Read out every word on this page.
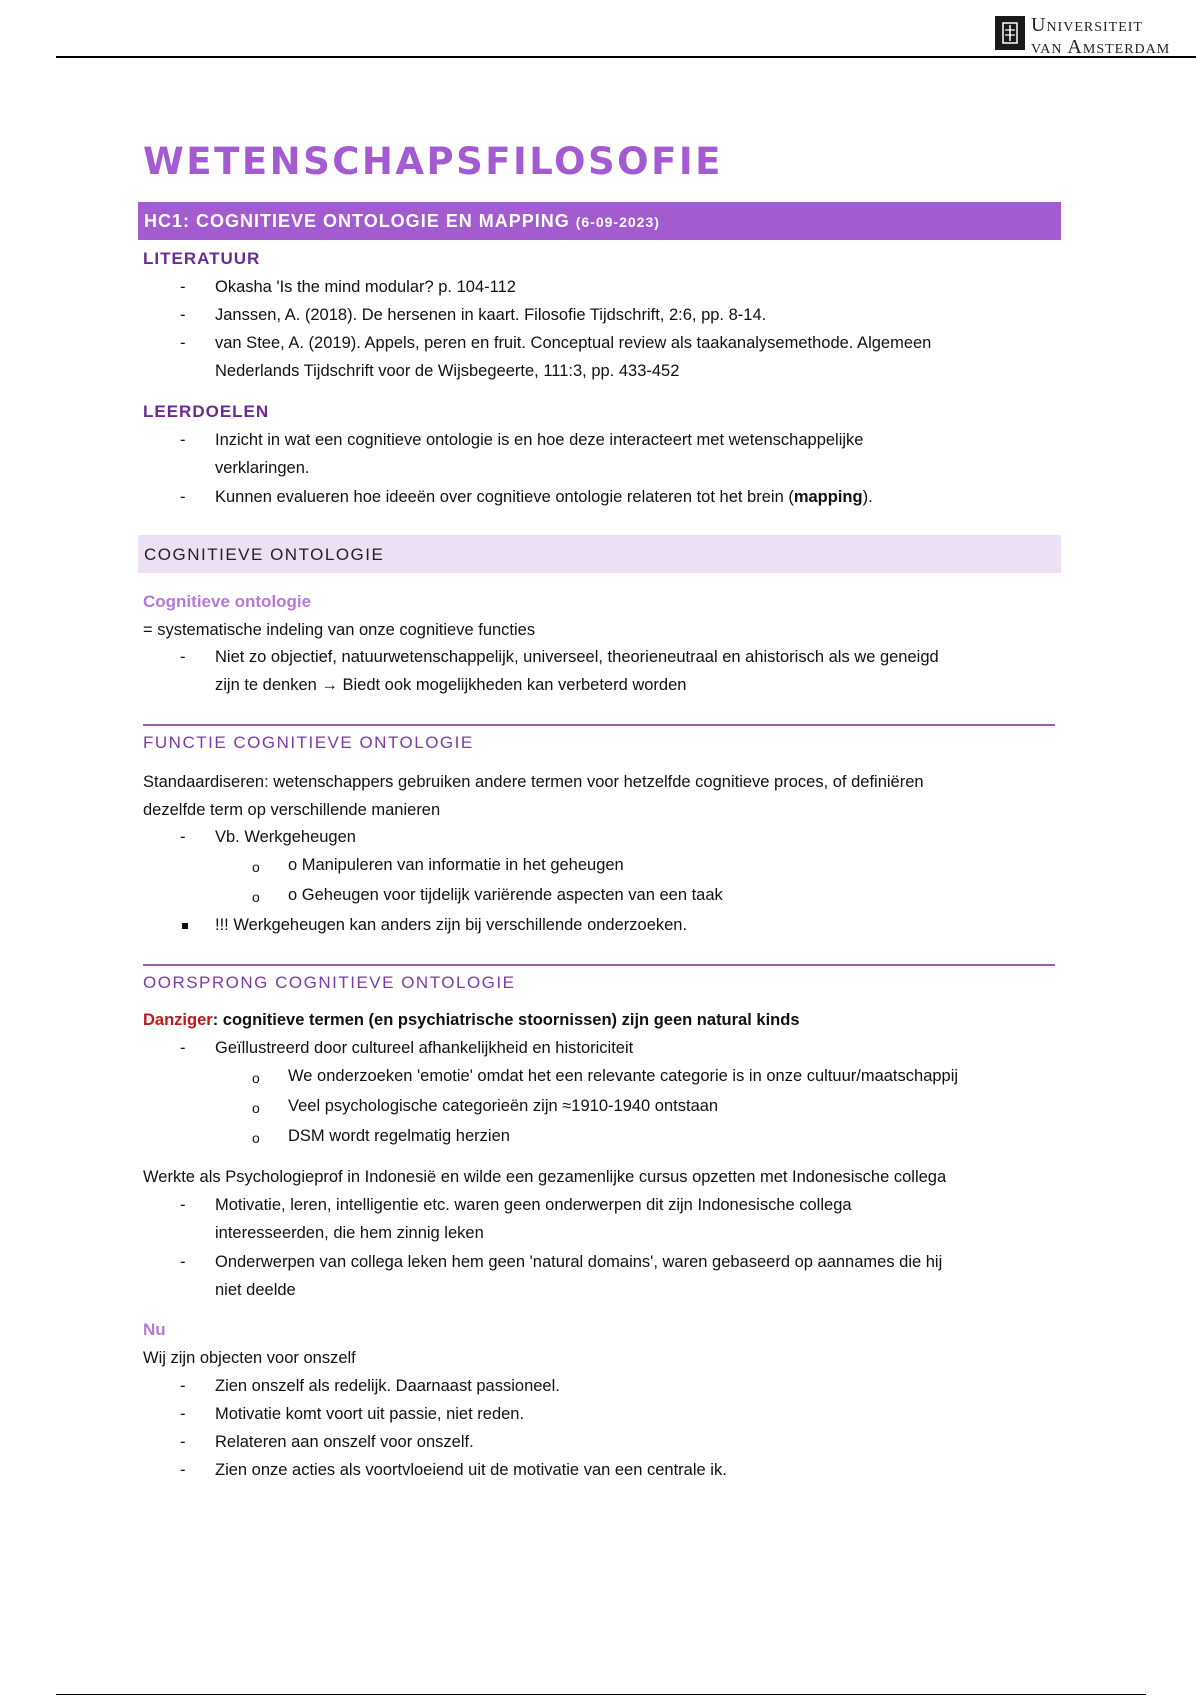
Universiteit
van Amsterdam
WETENSCHAPSFILOSOFIE
HC1: COGNITIEVE ONTOLOGIE EN MAPPING (6-09-2023)
LITERATUUR
- Okasha 'Is the mind modular? p. 104-112
- Janssen, A. (2018). De hersenen in kaart. Filosofie Tijdschrift, 2:6, pp. 8-14.
- van Stee, A. (2019). Appels, peren en fruit. Conceptual review als taakanalysemethode. Algemeen
Nederlands Tijdschrift voor de Wijsbegeerte, 111:3, pp. 433-452
LEERDOELEN
- Inzicht in wat een cognitieve ontologie is en hoe deze interacteert met wetenschappelijke
verklaringen.
- Kunnen evalueren hoe ideeën over cognitieve ontologie relateren tot het brein (mapping).
COGNITIEVE ONTOLOGIE
Cognitieve ontologie
= systematische indeling van onze cognitieve functies
- Niet zo objectief, natuurwetenschappelijk, universeel, theorieneutraal en ahistorisch als we geneigd
zijn te denken → Biedt ook mogelijkheden kan verbeterd worden
FUNCTIE COGNITIEVE ONTOLOGIE
Standaardiseren: wetenschappers gebruiken andere termen voor hetzelfde cognitieve proces, of definiëren
dezelfde term op verschillende manieren
- Vb. Werkgeheugen
o o Manipuleren van informatie in het geheugen
o o Geheugen voor tijdelijk variërende aspecten van een taak
!!! Werkgeheugen kan anders zijn bij verschillende onderzoeken.
OORSPRONG COGNITIEVE ONTOLOGIE
Danziger: cognitieve termen (en psychiatrische stoornissen) zijn geen natural kinds
- Geïllustreerd door cultureel afhankelijkheid en historiciteit
o We onderzoeken 'emotie' omdat het een relevante categorie is in onze cultuur/maatschappij
o Veel psychologische categorieën zijn ≈1910-1940 ontstaan
o DSM wordt regelmatig herzien
Werkte als Psychologieprof in Indonesië en wilde een gezamenlijke cursus opzetten met Indonesische collega
- Motivatie, leren, intelligentie etc. waren geen onderwerpen dit zijn Indonesische collega
interesseerden, die hem zinnig leken
- Onderwerpen van collega leken hem geen 'natural domains', waren gebaseerd op aannames die hij
niet deelde
Nu
Wij zijn objecten voor onszelf
- Zien onszelf als redelijk. Daarnaast passioneel.
- Motivatie komt voort uit passie, niet reden.
- Relateren aan onszelf voor onszelf.
- Zien onze acties als voortvloeiend uit de motivatie van een centrale ik.
